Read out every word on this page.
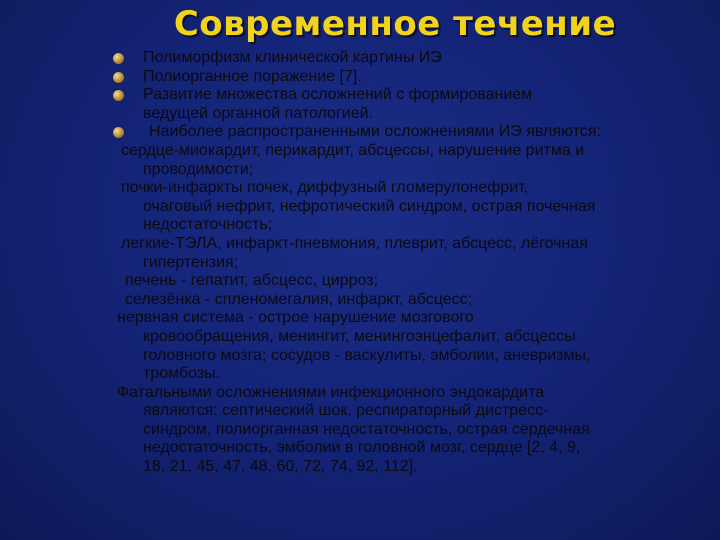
Современное течение
Полиморфизм клинической картины ИЭ
Полиорганное поражение [7].
Развитие множества осложнений с формированием
ведущей органной патологией.
Наиболее распространенными осложнениями ИЭ являются:
сердце-миокардит, перикардит, абсцессы, нарушение ритма и
проводимости;
почки-инфаркты почек, диффузный гломерулонефрит,
очаговый нефрит, нефротический синдром, острая почечная
недостаточность;
легкие-ТЭЛА, инфаркт-пневмония, плеврит, абсцесс, лёгочная
гипертензия;
печень - гепатит, абсцесс, цирроз;
селезёнка - спленомегалия, инфаркт, абсцесс;
нервная система - острое нарушение мозгового
кровообращения, менингит, менингоэнцефалит, абсцессы
головного мозга; сосудов - васкулиты, эмболии, аневризмы,
тромбозы.
Фатальными осложнениями инфекционного эндокардита
являются: септический шок, респираторный дистресс-
синдром, полиорганная недостаточность, острая сердечная
недостаточность, эмболии в головной мозг, сердце [2, 4, 9,
18, 21, 45, 47, 48, 60, 72, 74, 92, 112].
